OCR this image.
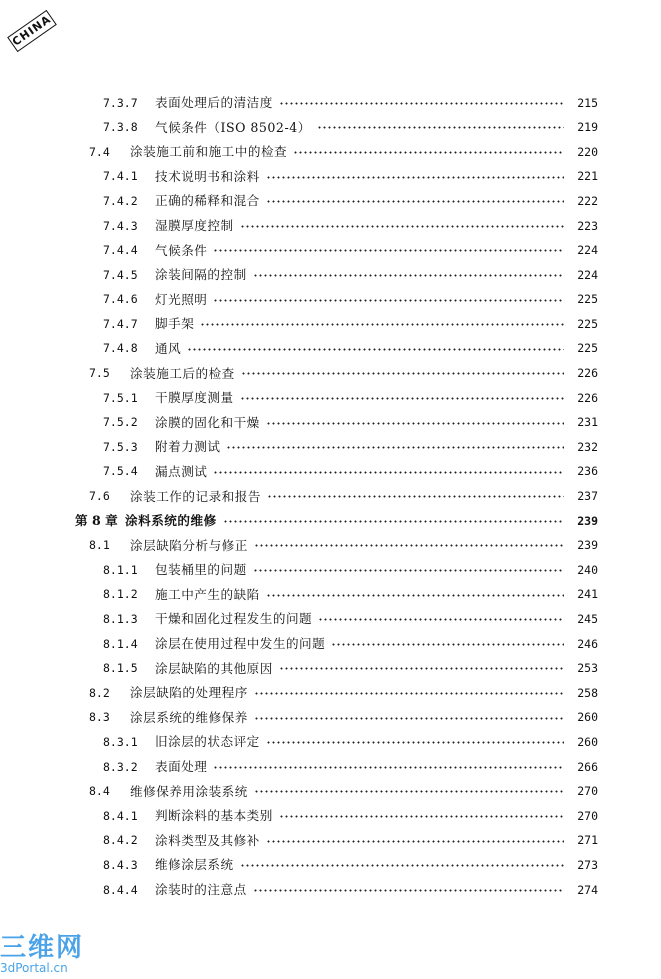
CHINA
7.3.7	表面处理后的清洁度	215
7.3.8	气候条件（ISO 8502-4）	219
7.4	涂装施工前和施工中的检查	220
7.4.1	技术说明书和涂料	221
7.4.2	正确的稀释和混合	222
7.4.3	湿膜厚度控制	223
7.4.4	气候条件	224
7.4.5	涂装间隔的控制	224
7.4.6	灯光照明	225
7.4.7	脚手架	225
7.4.8	通风	225
7.5	涂装施工后的检查	226
7.5.1	干膜厚度测量	226
7.5.2	涂膜的固化和干燥	231
7.5.3	附着力测试	232
7.5.4	漏点测试	236
7.6	涂装工作的记录和报告	237
第 8 章 涂料系统的维修	239
8.1	涂层缺陷分析与修正	239
8.1.1	包装桶里的问题	240
8.1.2	施工中产生的缺陷	241
8.1.3	干燥和固化过程发生的问题	245
8.1.4	涂层在使用过程中发生的问题	246
8.1.5	涂层缺陷的其他原因	253
8.2	涂层缺陷的处理程序	258
8.3	涂层系统的维修保养	260
8.3.1	旧涂层的状态评定	260
8.3.2	表面处理	266
8.4	维修保养用涂装系统	270
8.4.1	判断涂料的基本类别	270
8.4.2	涂料类型及其修补	271
8.4.3	维修涂层系统	273
8.4.4	涂装时的注意点	274
三维网
3dPortal.cn
